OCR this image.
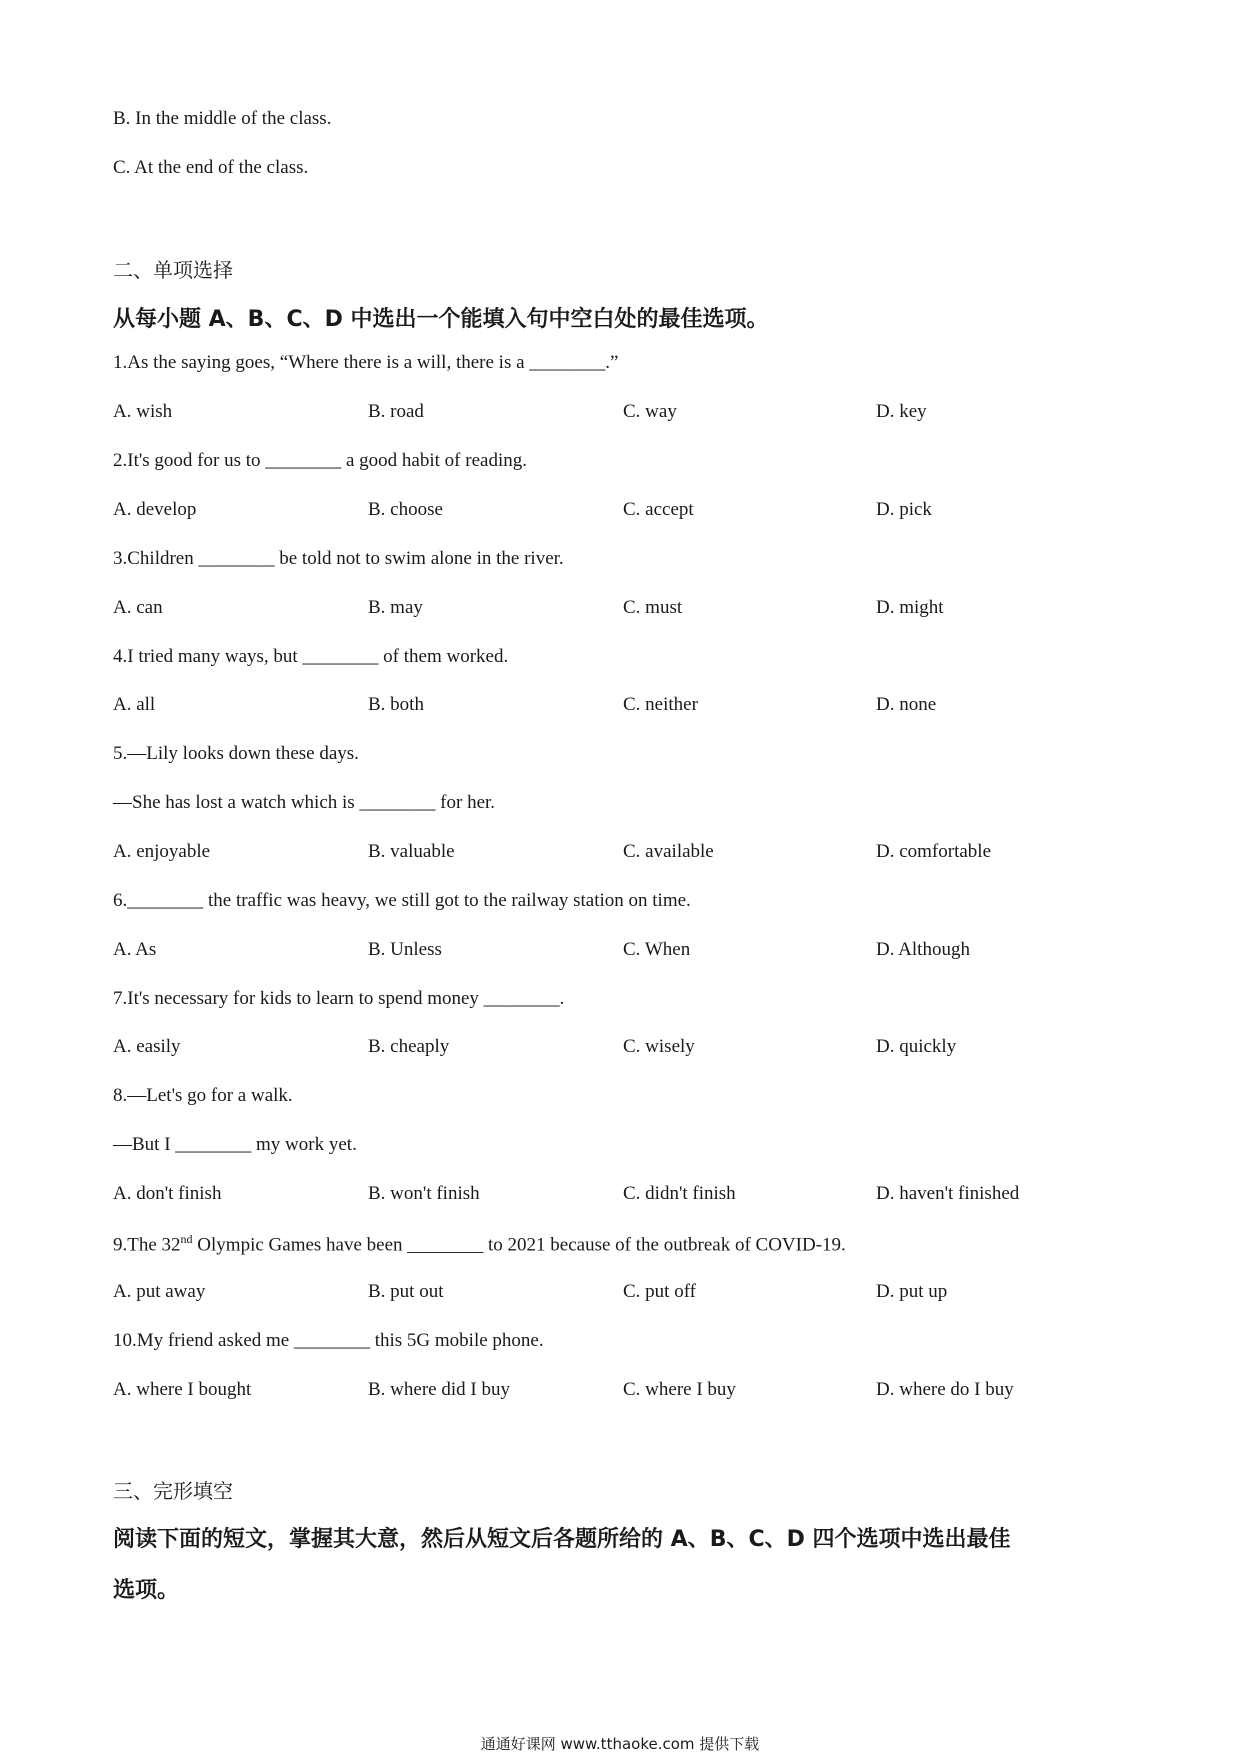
B. In the middle of the class.
C. At the end of the class.
二、单项选择
从每小题 A、B、C、D 中选出一个能填入句中空白处的最佳选项。
1.As the saying goes, “Where there is a will, there is a ________.”
A. wish	B. road	C. way	D. key
2.It's good for us to ________ a good habit of reading.
A. develop	B. choose	C. accept	D. pick
3.Children ________ be told not to swim alone in the river.
A. can	B. may	C. must	D. might
4.I tried many ways, but ________ of them worked.
A. all	B. both	C. neither	D. none
5.—Lily looks down these days.
—She has lost a watch which is ________ for her.
A. enjoyable	B. valuable	C. available	D. comfortable
6.________ the traffic was heavy, we still got to the railway station on time.
A. As	B. Unless	C. When	D. Although
7.It's necessary for kids to learn to spend money ________.
A. easily	B. cheaply	C. wisely	D. quickly
8.—Let's go for a walk.
—But I ________ my work yet.
A. don't finish	B. won't finish	C. didn't finish	D. haven't finished
9.The 32nd Olympic Games have been ________ to 2021 because of the outbreak of COVID-19.
A. put away	B. put out	C. put off	D. put up
10.My friend asked me ________ this 5G mobile phone.
A. where I bought	B. where did I buy	C. where I buy	D. where do I buy
三、完形填空
阅读下面的短文，掌握其大意，然后从短文后各题所给的 A、B、C、D 四个选项中选出最佳
选项。
通通好课网 www.tthaoke.com 提供下载
